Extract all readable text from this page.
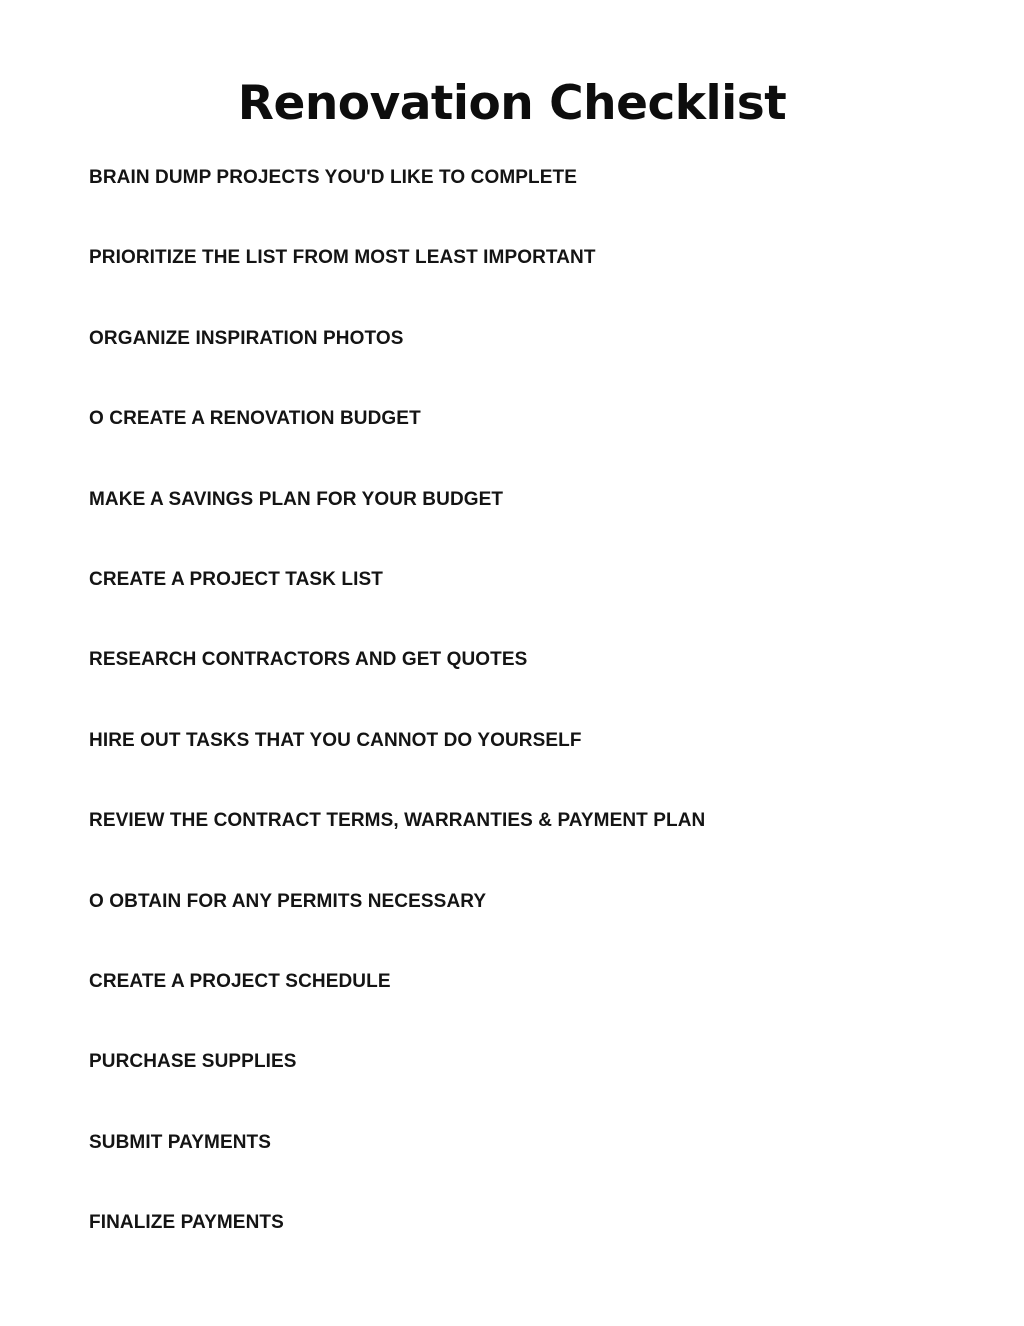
Renovation Checklist
BRAIN DUMP PROJECTS YOU'D LIKE TO COMPLETE
PRIORITIZE THE LIST FROM MOST LEAST IMPORTANT
ORGANIZE INSPIRATION PHOTOS
O CREATE A RENOVATION BUDGET
MAKE A SAVINGS PLAN FOR YOUR BUDGET
CREATE A PROJECT TASK LIST
RESEARCH CONTRACTORS AND GET QUOTES
HIRE OUT TASKS THAT YOU CANNOT DO YOURSELF
REVIEW THE CONTRACT TERMS, WARRANTIES & PAYMENT PLAN
O OBTAIN FOR ANY PERMITS NECESSARY
CREATE A PROJECT SCHEDULE
PURCHASE SUPPLIES
SUBMIT PAYMENTS
FINALIZE PAYMENTS
